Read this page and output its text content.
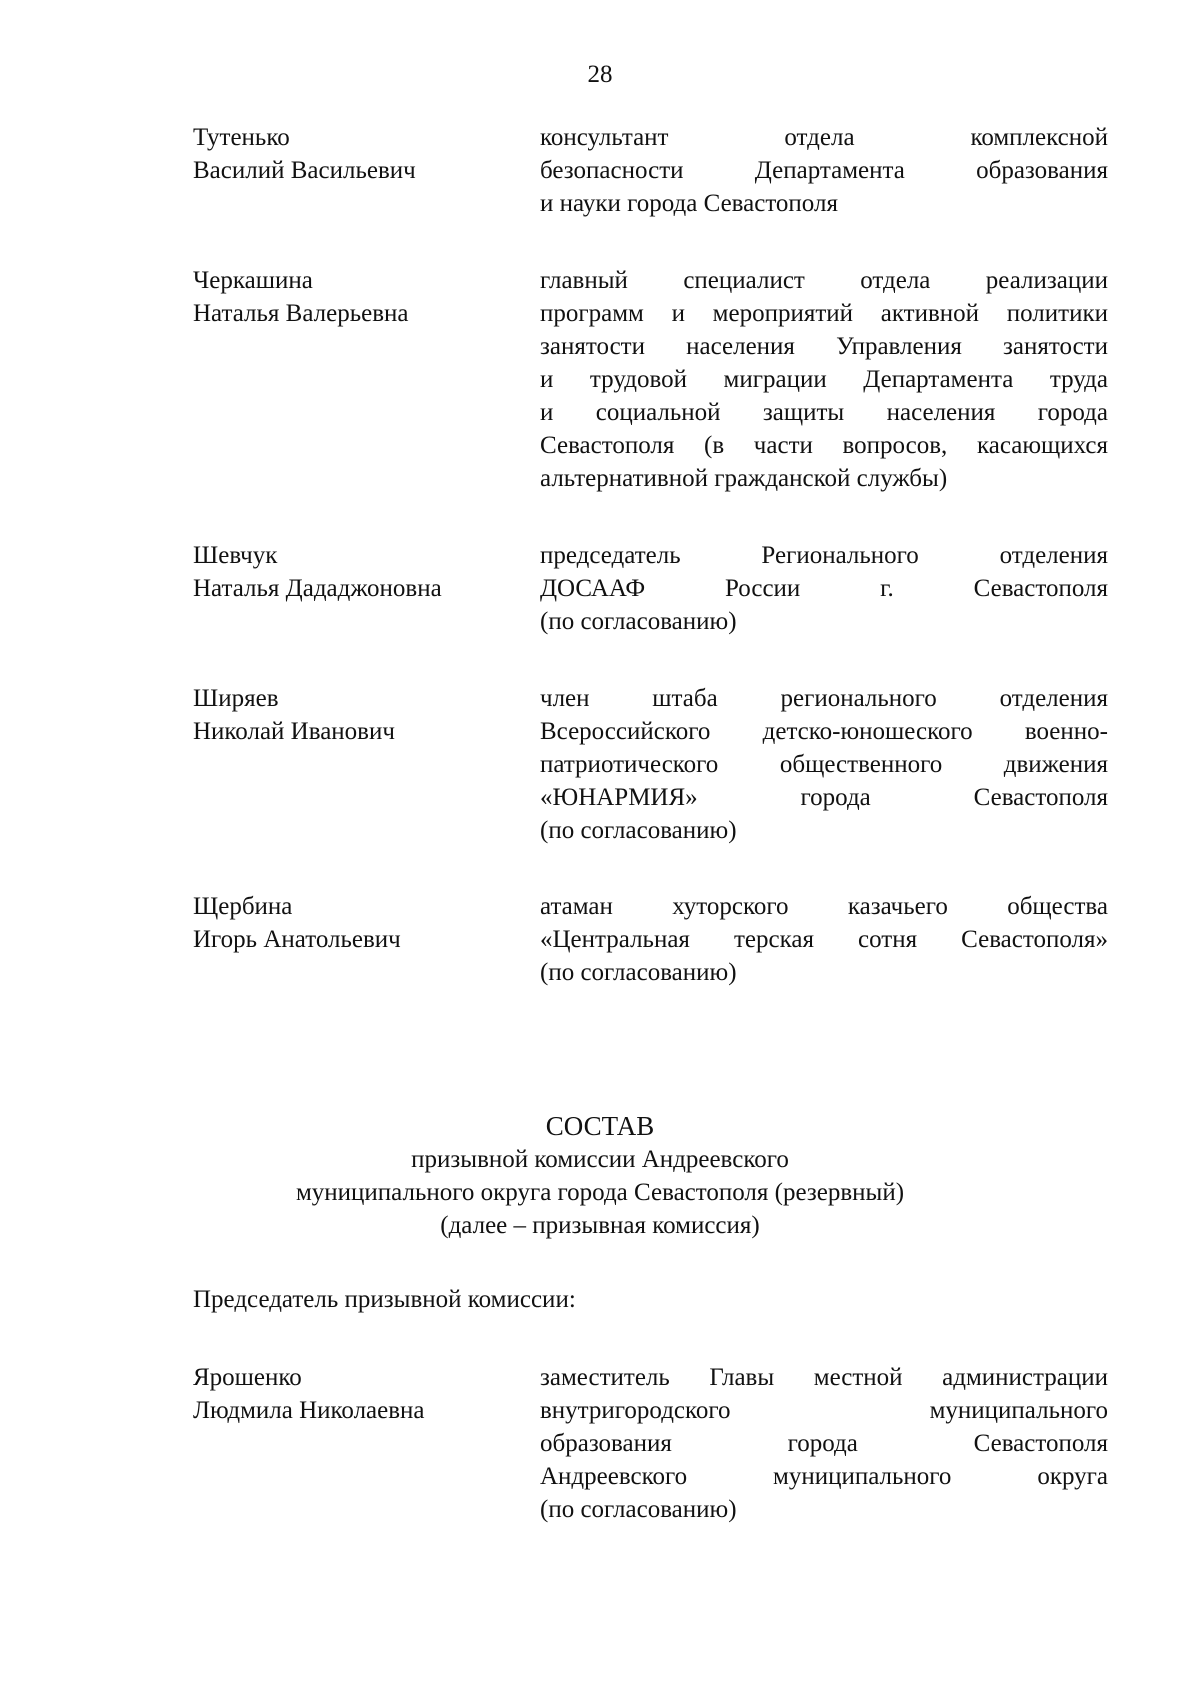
28
Тутенько
Василий Васильевич
консультант отдела комплексной
безопасности Департамента образования
и науки города Севастополя
Черкашина
Наталья Валерьевна
главный специалист отдела реализации
программ и мероприятий активной политики
занятости населения Управления занятости
и трудовой миграции Департамента труда
и социальной защиты населения города
Севастополя (в части вопросов, касающихся
альтернативной гражданской службы)
Шевчук
Наталья Дададжоновна
председатель Регионального отделения
ДОСААФ России г. Севастополя
(по согласованию)
Ширяев
Николай Иванович
член штаба регионального отделения
Всероссийского детско-юношеского военно-
патриотического общественного движения
«ЮНАРМИЯ» города Севастополя
(по согласованию)
Щербина
Игорь Анатольевич
атаман хуторского казачьего общества
«Центральная терская сотня Севастополя»
(по согласованию)
СОСТАВ
призывной комиссии Андреевского
муниципального округа города Севастополя (резервный)
(далее – призывная комиссия)
Председатель призывной комиссии:
Ярошенко
Людмила Николаевна
заместитель Главы местной администрации
внутригородского муниципального
образования города Севастополя
Андреевского муниципального округа
(по согласованию)
